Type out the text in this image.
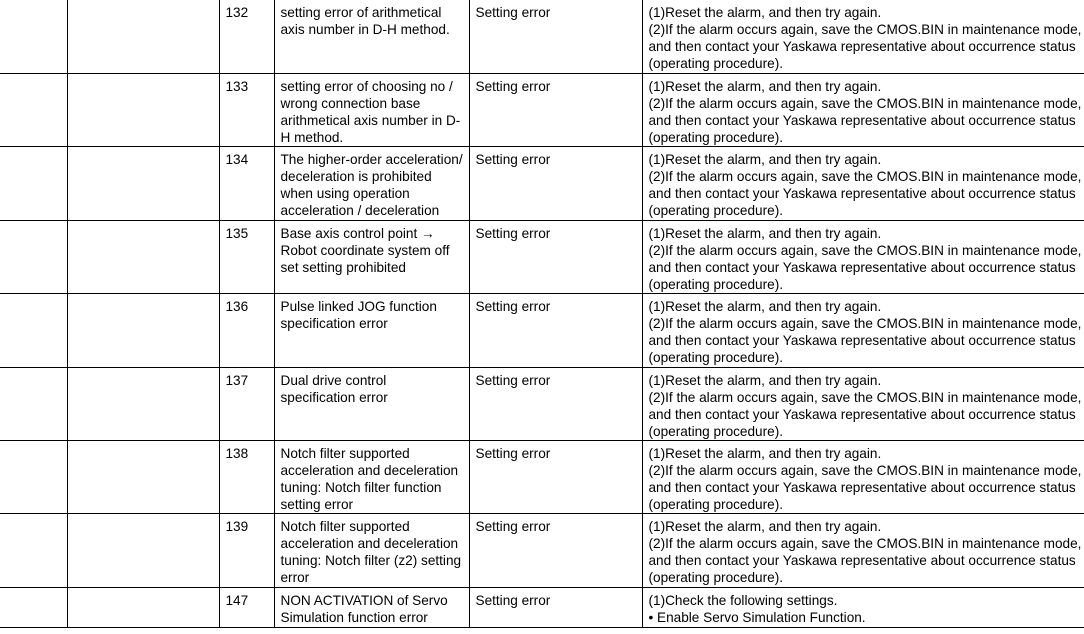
		132	setting error of arithmetical axis number in D-H method.	Setting error	(1)Reset the alarm, and then try again.
(2)If the alarm occurs again, save the CMOS.BIN in maintenance mode, and then contact your Yaskawa representative about occurrence status (operating procedure).

		133	setting error of choosing no / wrong connection base arithmetical axis number in D-H method.	Setting error	(1)Reset the alarm, and then try again.
(2)If the alarm occurs again, save the CMOS.BIN in maintenance mode, and then contact your Yaskawa representative about occurrence status (operating procedure).

		134	The higher-order acceleration/ deceleration is prohibited when using operation acceleration / deceleration	Setting error	(1)Reset the alarm, and then try again.
(2)If the alarm occurs again, save the CMOS.BIN in maintenance mode, and then contact your Yaskawa representative about occurrence status (operating procedure).

		135	Base axis control point → Robot coordinate system off set setting prohibited	Setting error	(1)Reset the alarm, and then try again.
(2)If the alarm occurs again, save the CMOS.BIN in maintenance mode, and then contact your Yaskawa representative about occurrence status (operating procedure).

		136	Pulse linked JOG function specification error	Setting error	(1)Reset the alarm, and then try again.
(2)If the alarm occurs again, save the CMOS.BIN in maintenance mode, and then contact your Yaskawa representative about occurrence status (operating procedure).

		137	Dual drive control specification error	Setting error	(1)Reset the alarm, and then try again.
(2)If the alarm occurs again, save the CMOS.BIN in maintenance mode, and then contact your Yaskawa representative about occurrence status (operating procedure).

		138	Notch filter supported acceleration and deceleration tuning: Notch filter function setting error	Setting error	(1)Reset the alarm, and then try again.
(2)If the alarm occurs again, save the CMOS.BIN in maintenance mode, and then contact your Yaskawa representative about occurrence status (operating procedure).

		139	Notch filter supported acceleration and deceleration tuning: Notch filter (z2) setting error	Setting error	(1)Reset the alarm, and then try again.
(2)If the alarm occurs again, save the CMOS.BIN in maintenance mode, and then contact your Yaskawa representative about occurrence status (operating procedure).

		147	NON ACTIVATION of Servo Simulation function error	Setting error	(1)Check the following settings.
• Enable Servo Simulation Function.
